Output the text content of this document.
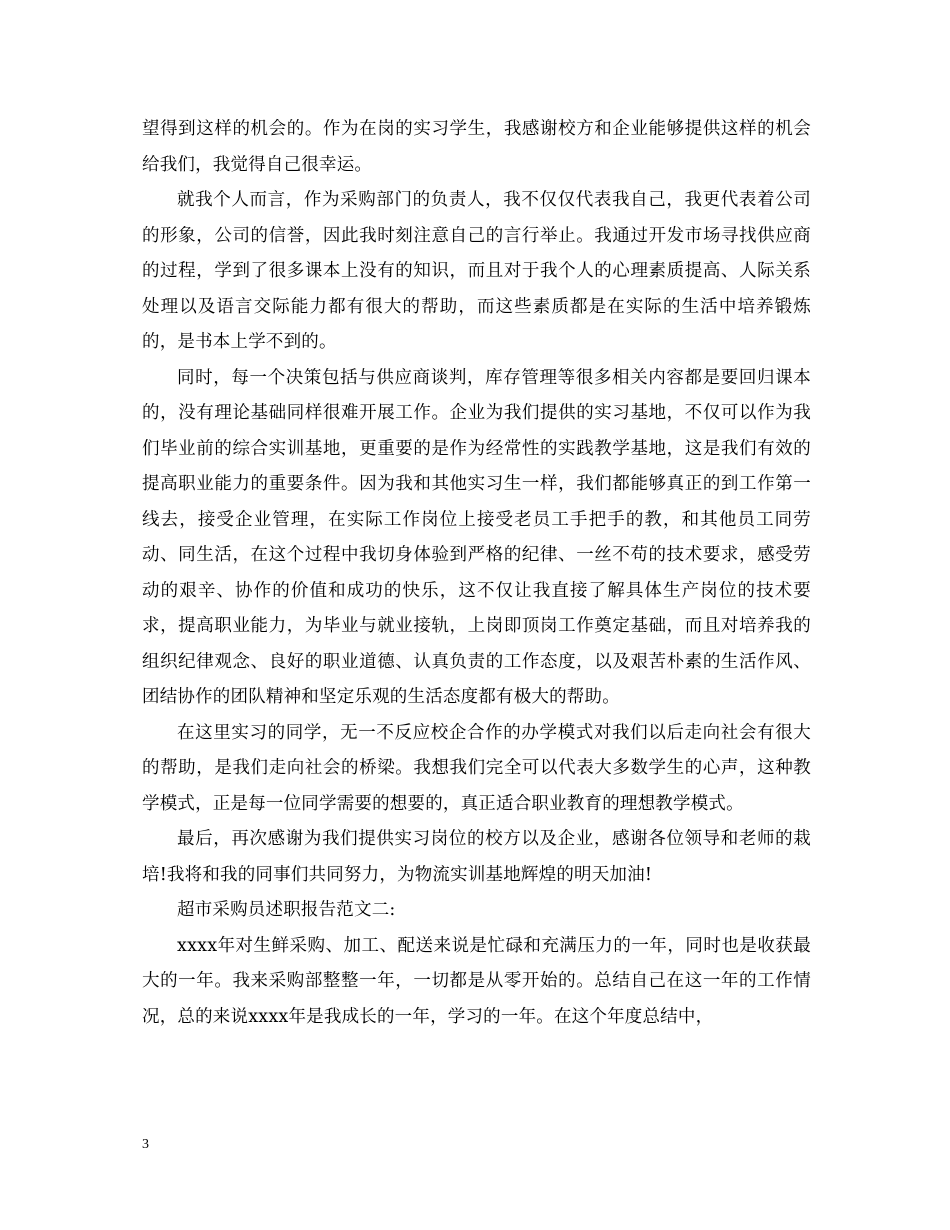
望得到这样的机会的。作为在岗的实习学生，我感谢校方和企业能够提供这样的机会给我们，我觉得自己很幸运。

就我个人而言，作为采购部门的负责人，我不仅仅代表我自己，我更代表着公司的形象，公司的信誉，因此我时刻注意自己的言行举止。我通过开发市场寻找供应商的过程，学到了很多课本上没有的知识，而且对于我个人的心理素质提高、人际关系处理以及语言交际能力都有很大的帮助，而这些素质都是在实际的生活中培养锻炼的，是书本上学不到的。

同时，每一个决策包括与供应商谈判，库存管理等很多相关内容都是要回归课本的，没有理论基础同样很难开展工作。企业为我们提供的实习基地，不仅可以作为我们毕业前的综合实训基地，更重要的是作为经常性的实践教学基地，这是我们有效的提高职业能力的重要条件。因为我和其他实习生一样，我们都能够真正的到工作第一线去，接受企业管理，在实际工作岗位上接受老员工手把手的教，和其他员工同劳动、同生活，在这个过程中我切身体验到严格的纪律、一丝不苟的技术要求，感受劳动的艰辛、协作的价值和成功的快乐，这不仅让我直接了解具体生产岗位的技术要求，提高职业能力，为毕业与就业接轨，上岗即顶岗工作奠定基础，而且对培养我的组织纪律观念、良好的职业道德、认真负责的工作态度，以及艰苦朴素的生活作风、团结协作的团队精神和坚定乐观的生活态度都有极大的帮助。

在这里实习的同学，无一不反应校企合作的办学模式对我们以后走向社会有很大的帮助，是我们走向社会的桥梁。我想我们完全可以代表大多数学生的心声，这种教学模式，正是每一位同学需要的想要的，真正适合职业教育的理想教学模式。

最后，再次感谢为我们提供实习岗位的校方以及企业，感谢各位领导和老师的栽培!我将和我的同事们共同努力，为物流实训基地辉煌的明天加油!

超市采购员述职报告范文二:

xxxx年对生鲜采购、加工、配送来说是忙碌和充满压力的一年，同时也是收获最大的一年。我来采购部整整一年，一切都是从零开始的。总结自己在这一年的工作情况，总的来说xxxx年是我成长的一年，学习的一年。在这个年度总结中，

3
